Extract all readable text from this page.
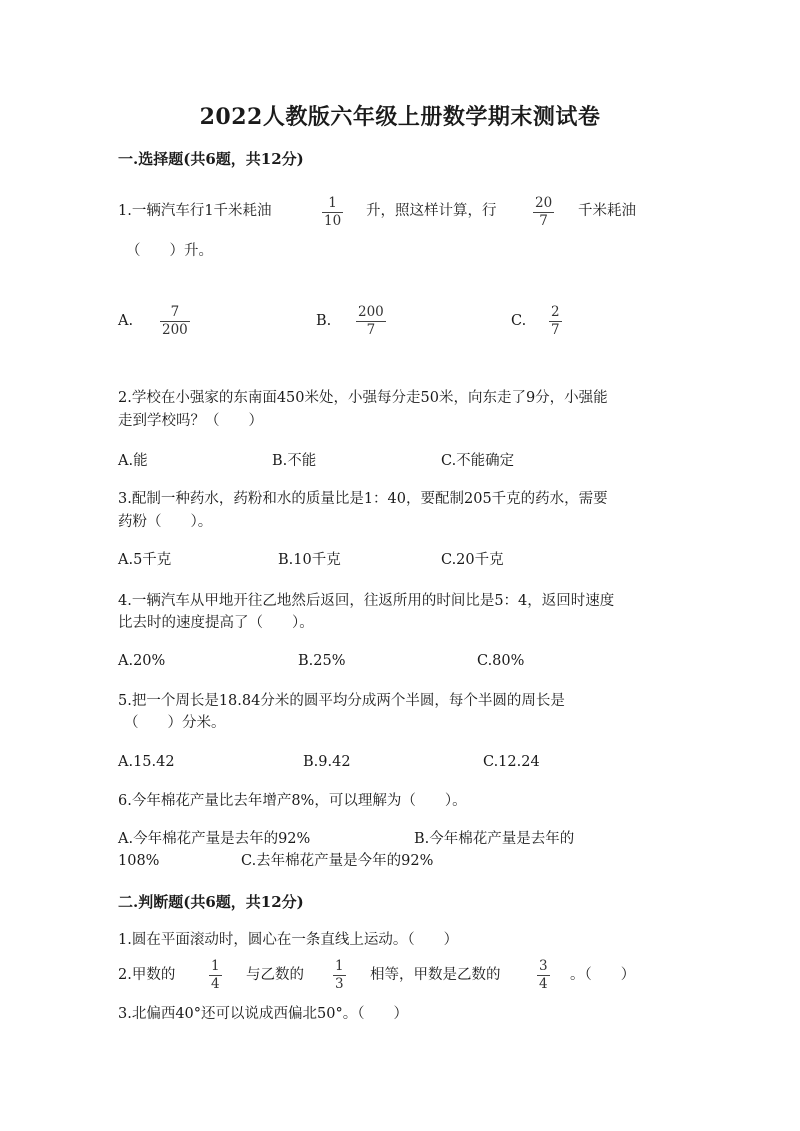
2022人教版六年级上册数学期末测试卷
一.选择题(共6题，共12分)
1.一辆汽车行1千米耗油	1
10
升，照这样计算，行	20
7
千米耗油
（　　）升。
A.
7
200
B.
200
7
C.
2
7
2.学校在小强家的东南面450米处，小强每分走50米，向东走了9分，小强能
走到学校吗？（　　）
A.能	B.不能	C.不能确定
3.配制一种药水，药粉和水的质量比是1：40，要配制205千克的药水，需要
药粉（　　）。
A.5千克	B.10千克	C.20千克
4.一辆汽车从甲地开往乙地然后返回，往返所用的时间比是5：4，返回时速度
比去时的速度提高了（　　）。
A.20%	B.25%	C.80%
5.把一个周长是18.84分米的圆平均分成两个半圆，每个半圆的周长是
（　　）分米。
A.15.42	B.9.42	C.12.24
6.今年棉花产量比去年增产8%，可以理解为（　　）。
A.今年棉花产量是去年的92%	B.今年棉花产量是去年的
108%	C.去年棉花产量是今年的92%
二.判断题(共6题，共12分)
1.圆在平面滚动时，圆心在一条直线上运动。（　　）
2.甲数的
1
4
与乙数的
1
3
相等，甲数是乙数的
3
4
。（　　）
3.北偏西40°还可以说成西偏北50°。（　　）
